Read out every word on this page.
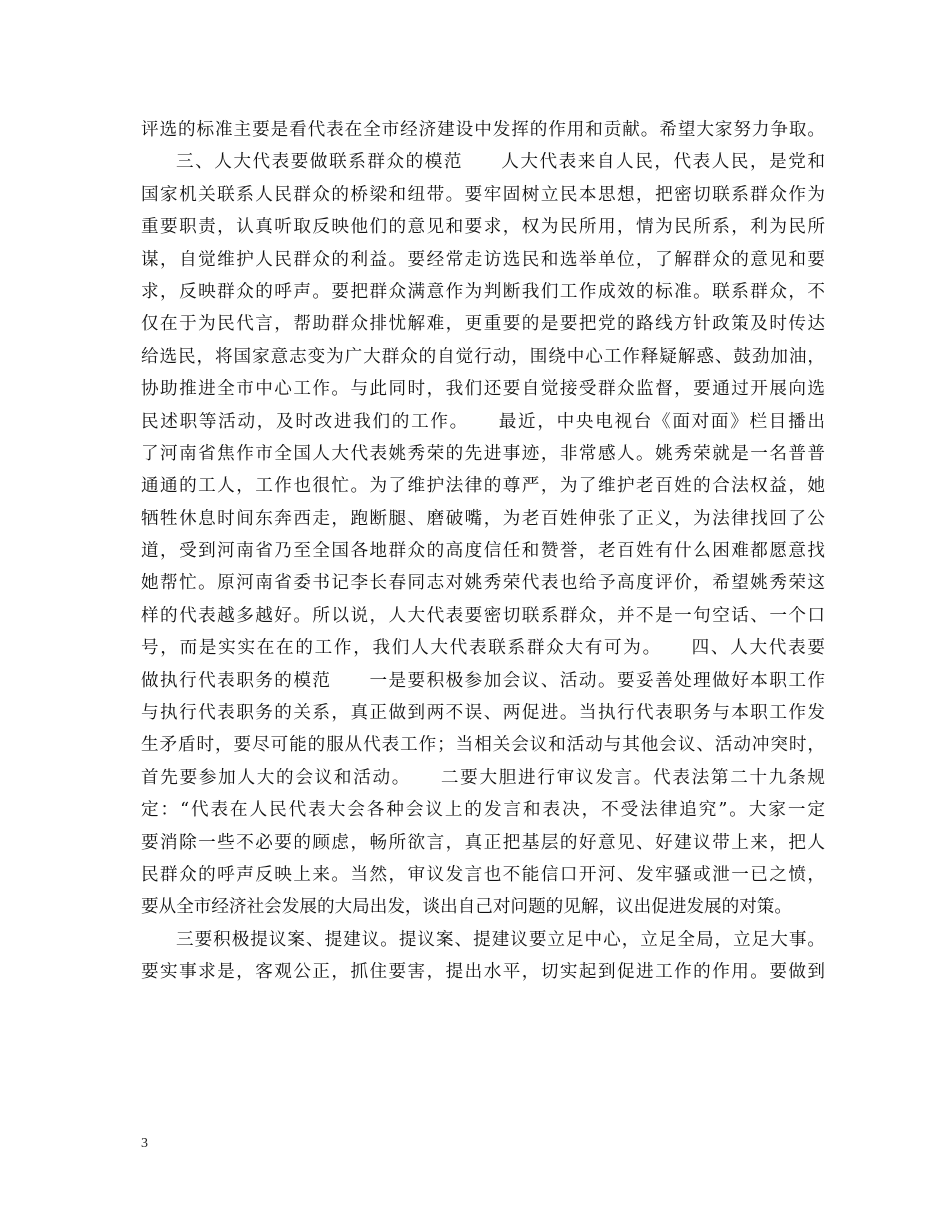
评选的标准主要是看代表在全市经济建设中发挥的作用和贡献。希望大家努力争取。
三、人大代表要做联系群众的模范　　人大代表来自人民，代表人民，是党和
国家机关联系人民群众的桥梁和纽带。要牢固树立民本思想，把密切联系群众作为
重要职责，认真听取反映他们的意见和要求，权为民所用，情为民所系，利为民所
谋，自觉维护人民群众的利益。要经常走访选民和选举单位，了解群众的意见和要
求，反映群众的呼声。要把群众满意作为判断我们工作成效的标准。联系群众，不
仅在于为民代言，帮助群众排忧解难，更重要的是要把党的路线方针政策及时传达
给选民，将国家意志变为广大群众的自觉行动，围绕中心工作释疑解惑、鼓劲加油，
协助推进全市中心工作。与此同时，我们还要自觉接受群众监督，要通过开展向选
民述职等活动，及时改进我们的工作。　　最近，中央电视台《面对面》栏目播出
了河南省焦作市全国人大代表姚秀荣的先进事迹，非常感人。姚秀荣就是一名普普
通通的工人，工作也很忙。为了维护法律的尊严，为了维护老百姓的合法权益，她
牺牲休息时间东奔西走，跑断腿、磨破嘴，为老百姓伸张了正义，为法律找回了公
道，受到河南省乃至全国各地群众的高度信任和赞誉，老百姓有什么困难都愿意找
她帮忙。原河南省委书记李长春同志对姚秀荣代表也给予高度评价，希望姚秀荣这
样的代表越多越好。所以说，人大代表要密切联系群众，并不是一句空话、一个口
号，而是实实在在的工作，我们人大代表联系群众大有可为。　　四、人大代表要
做执行代表职务的模范　　一是要积极参加会议、活动。要妥善处理做好本职工作
与执行代表职务的关系，真正做到两不误、两促进。当执行代表职务与本职工作发
生矛盾时，要尽可能的服从代表工作；当相关会议和活动与其他会议、活动冲突时，
首先要参加人大的会议和活动。　　二要大胆进行审议发言。代表法第二十九条规
定：“代表在人民代表大会各种会议上的发言和表决，不受法律追究”。大家一定
要消除一些不必要的顾虑，畅所欲言，真正把基层的好意见、好建议带上来，把人
民群众的呼声反映上来。当然，审议发言也不能信口开河、发牢骚或泄一已之愤，
要从全市经济社会发展的大局出发，谈出自己对问题的见解，议出促进发展的对策。
三要积极提议案、提建议。提议案、提建议要立足中心，立足全局，立足大事。
要实事求是，客观公正，抓住要害，提出水平，切实起到促进工作的作用。要做到
3
